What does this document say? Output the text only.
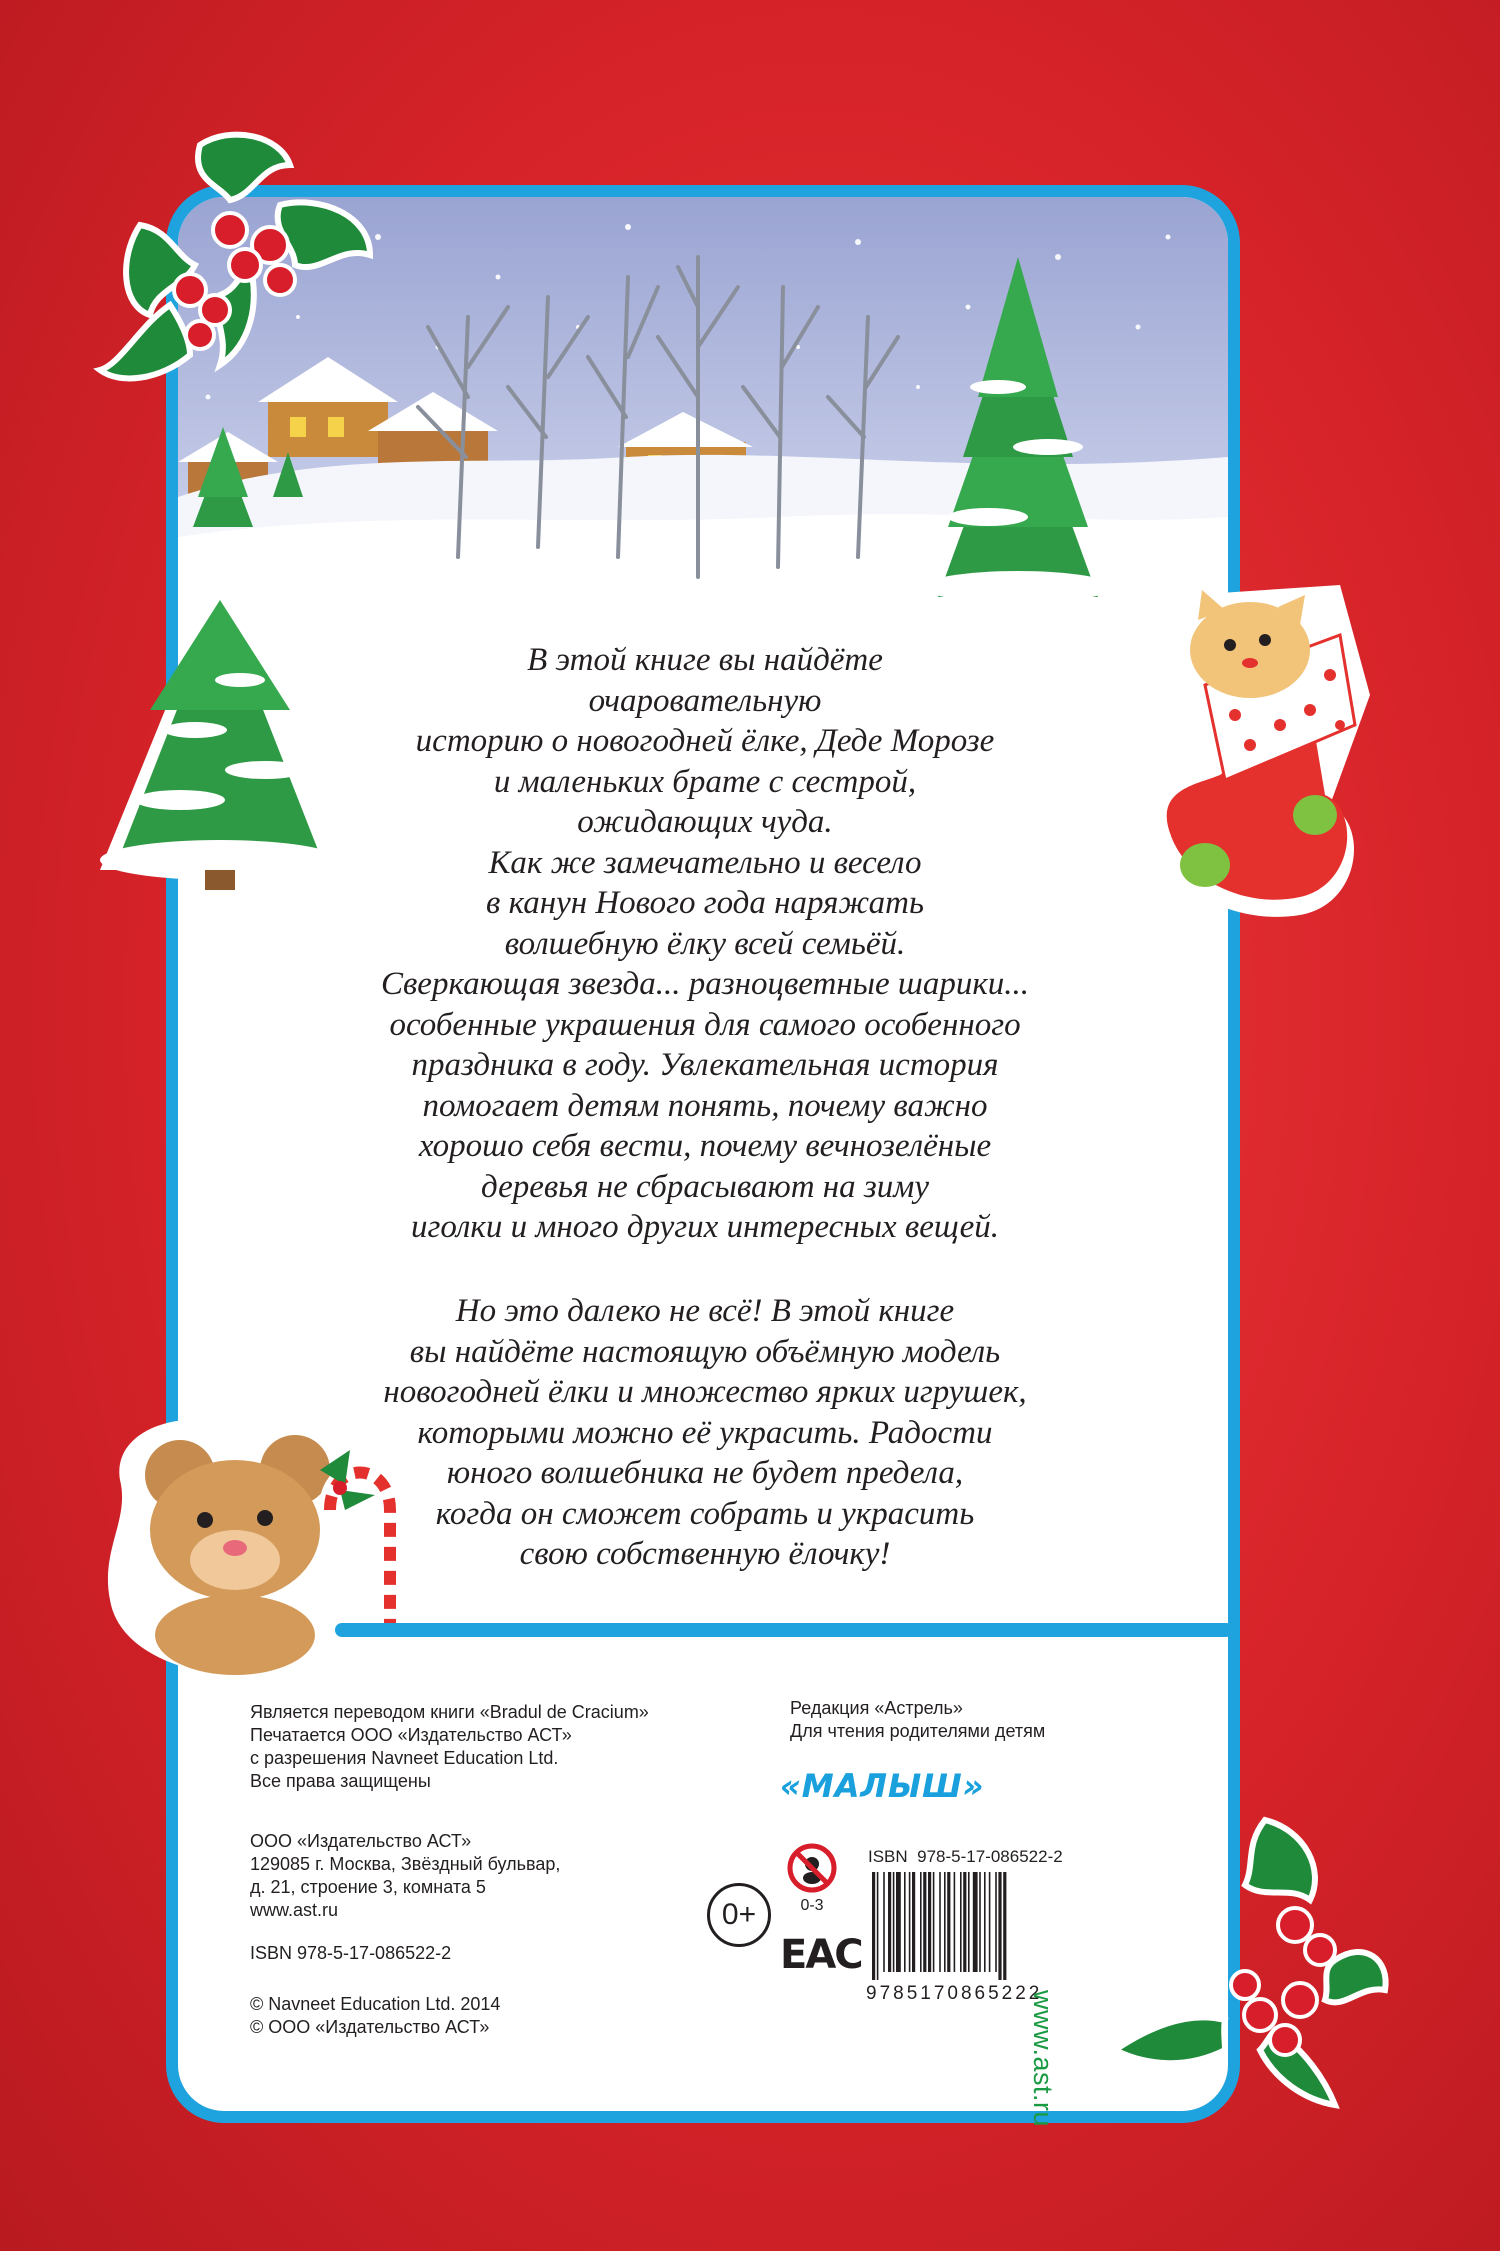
В этой книге вы найдёте

очаровательную

историю о новогодней ёлке, Деде Морозе

и маленьких брате с сестрой,

ожидающих чуда.

Как же замечательно и весело

в канун Нового года наряжать

волшебную ёлку всей семьёй.

Сверкающая звезда... разноцветные шарики...

особенные украшения для самого особенного

праздника в году. Увлекательная история

помогает детям понять, почему важно

хорошо себя вести, почему вечнозелёные

деревья не сбрасывают на зиму

иголки и много других интересных вещей.

Но это далеко не всё! В этой книге

вы найдёте настоящую объёмную модель

новогодней ёлки и множество ярких игрушек,

которыми можно её украсить. Радости

юного волшебника не будет предела,

когда он сможет собрать и украсить

свою собственную ёлочку!

Является переводом книги «Bradul de Cracium»

Печатается ООО «Издательство АСТ»

с разрешения Navneet Education Ltd.

Все права защищены

ООО «Издательство АСТ»

129085 г. Москва, Звёздный бульвар,

д. 21, строение 3, комната 5

www.ast.ru

ISBN 978-5-17-086522-2

© Navneet Education Ltd. 2014

© ООО «Издательство АСТ»

Редакция «Астрель»

Для чтения родителями детям

«МАЛЫШ»
0+	0-3
ЕАС
ISBN  978-5-17-086522-2
9785170865222
www.ast.ru
